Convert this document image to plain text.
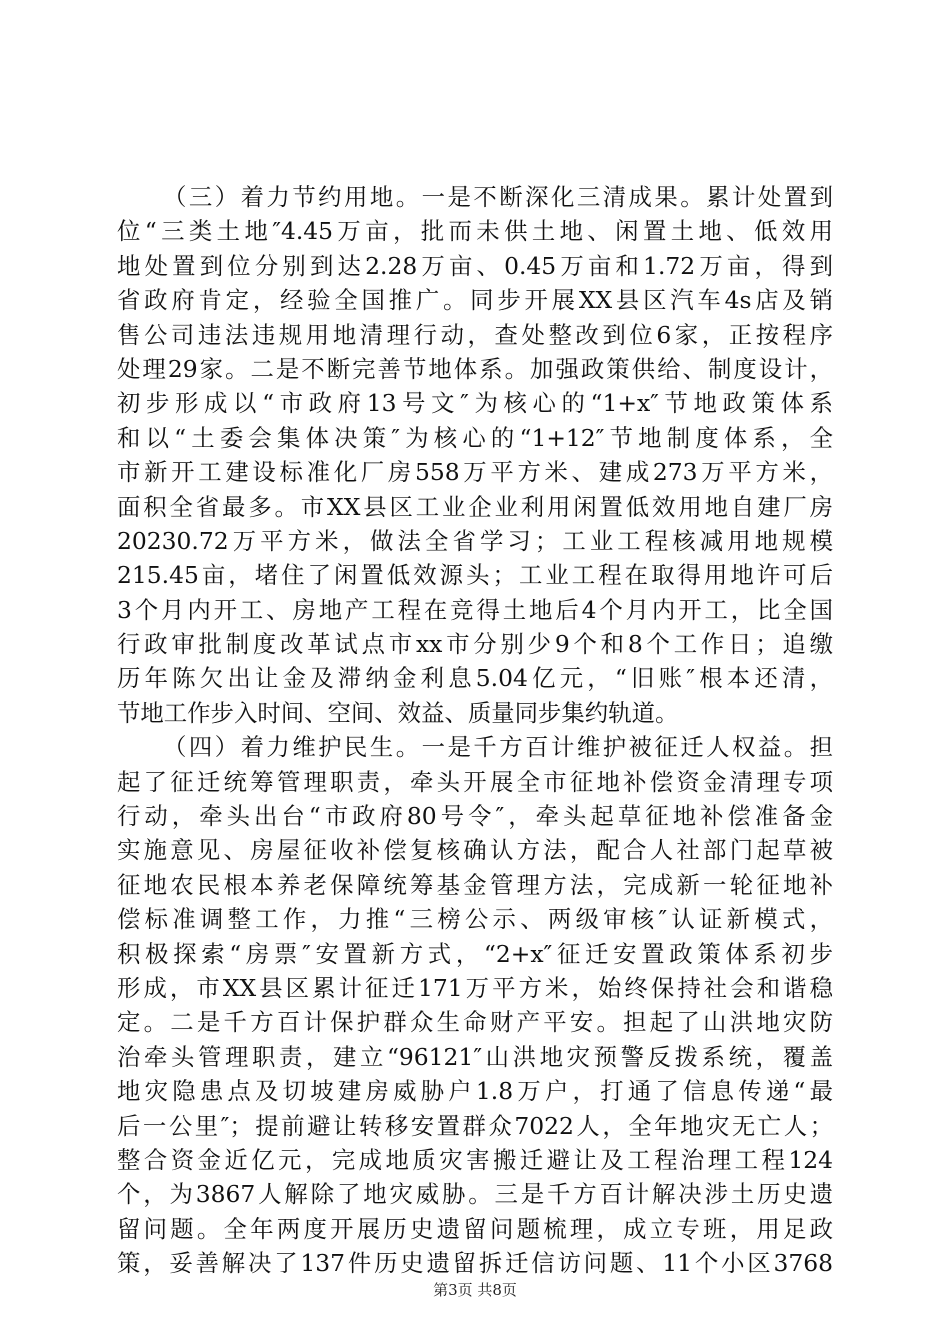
（三）着力节约用地。一是不断深化三清成果。累计处置到
位“三类土地″4.45万亩，批而未供土地、闲置土地、低效用
地处置到位分别到达2.28万亩、0.45万亩和1.72万亩，得到
省政府肯定，经验全国推广。同步开展XX县区汽车4s店及销
售公司违法违规用地清理行动，查处整改到位6家，正按程序
处理29家。二是不断完善节地体系。加强政策供给、制度设计，
初步形成以“市政府13号文″为核心的“1+x″节地政策体系
和以“土委会集体决策″为核心的“1+12″节地制度体系，全
市新开工建设标准化厂房558万平方米、建成273万平方米，
面积全省最多。市XX县区工业企业利用闲置低效用地自建厂房
20230.72万平方米，做法全省学习；工业工程核减用地规模
215.45亩，堵住了闲置低效源头；工业工程在取得用地许可后
3个月内开工、房地产工程在竞得土地后4个月内开工，比全国
行政审批制度改革试点市xx市分别少9个和8个工作日；追缴
历年陈欠出让金及滞纳金利息5.04亿元，“旧账″根本还清，
节地工作步入时间、空间、效益、质量同步集约轨道。
（四）着力维护民生。一是千方百计维护被征迁人权益。担
起了征迁统筹管理职责，牵头开展全市征地补偿资金清理专项
行动，牵头出台“市政府80号令″，牵头起草征地补偿准备金
实施意见、房屋征收补偿复核确认方法，配合人社部门起草被
征地农民根本养老保障统筹基金管理方法，完成新一轮征地补
偿标准调整工作，力推“三榜公示、两级审核″认证新模式，
积极探索“房票″安置新方式，“2+x″征迁安置政策体系初步
形成，市XX县区累计征迁171万平方米，始终保持社会和谐稳
定。二是千方百计保护群众生命财产平安。担起了山洪地灾防
治牵头管理职责，建立“96121″山洪地灾预警反拨系统，覆盖
地灾隐患点及切坡建房威胁户1.8万户，打通了信息传递“最
后一公里″；提前避让转移安置群众7022人，全年地灾无亡人；
整合资金近亿元，完成地质灾害搬迁避让及工程治理工程124
个，为3867人解除了地灾威胁。三是千方百计解决涉土历史遗
留问题。全年两度开展历史遗留问题梳理，成立专班，用足政
策，妥善解决了137件历史遗留拆迁信访问题、11个小区3768
第3页 共8页
